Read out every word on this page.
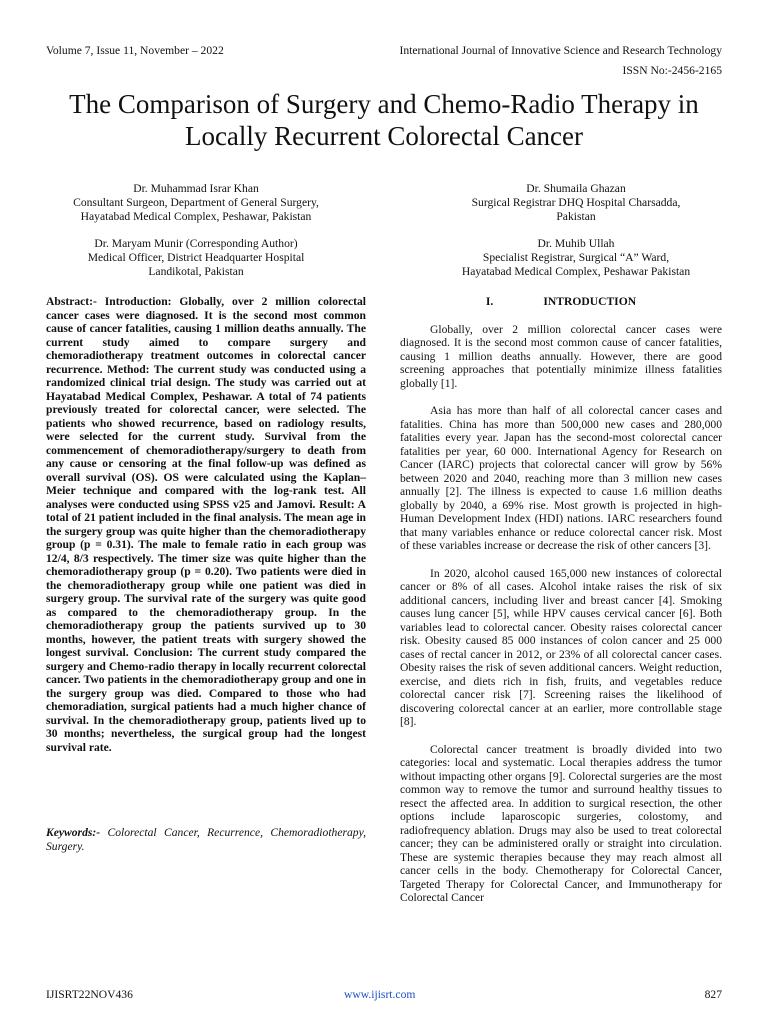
Volume 7, Issue 11, November – 2022	International Journal of Innovative Science and Research Technology
ISSN No:-2456-2165
The Comparison of Surgery and Chemo-Radio Therapy in Locally Recurrent Colorectal Cancer
Dr. Muhammad Israr Khan
Consultant Surgeon, Department of General Surgery,
Hayatabad Medical Complex, Peshawar, Pakistan
Dr. Shumaila Ghazan
Surgical Registrar DHQ Hospital Charsadda,
Pakistan
Dr. Maryam Munir (Corresponding Author)
Medical Officer, District Headquarter Hospital
Landikotal, Pakistan
Dr. Muhib Ullah
Specialist Registrar, Surgical “A” Ward,
Hayatabad Medical Complex, Peshawar Pakistan
Abstract:- Introduction: Globally, over 2 million colorectal cancer cases were diagnosed. It is the second most common cause of cancer fatalities, causing 1 million deaths annually. The current study aimed to compare surgery and chemoradiotherapy treatment outcomes in colorectal cancer recurrence. Method: The current study was conducted using a randomized clinical trial design. The study was carried out at Hayatabad Medical Complex, Peshawar. A total of 74 patients previously treated for colorectal cancer, were selected. The patients who showed recurrence, based on radiology results, were selected for the current study. Survival from the commencement of chemoradiotherapy/surgery to death from any cause or censoring at the final follow-up was defined as overall survival (OS). OS were calculated using the Kaplan–Meier technique and compared with the log-rank test. All analyses were conducted using SPSS v25 and Jamovi. Result: A total of 21 patient included in the final analysis. The mean age in the surgery group was quite higher than the chemoradiotherapy group (p = 0.31). The male to female ratio in each group was 12/4, 8/3 respectively. The timer size was quite higher than the chemoradiotherapy group (p = 0.20). Two patients were died in the chemoradiotherapy group while one patient was died in surgery group. The survival rate of the surgery was quite good as compared to the chemoradiotherapy group. In the chemoradiotherapy group the patients survived up to 30 months, however, the patient treats with surgery showed the longest survival. Conclusion: The current study compared the surgery and Chemo-radio therapy in locally recurrent colorectal cancer. Two patients in the chemoradiotherapy group and one in the surgery group was died. Compared to those who had chemoradiation, surgical patients had a much higher chance of survival. In the chemoradiotherapy group, patients lived up to 30 months; nevertheless, the surgical group had the longest survival rate.
Keywords:- Colorectal Cancer, Recurrence, Chemoradiotherapy, Surgery.
I.	INTRODUCTION

Globally, over 2 million colorectal cancer cases were diagnosed. It is the second most common cause of cancer fatalities, causing 1 million deaths annually. However, there are good screening approaches that potentially minimize illness fatalities globally [1].

Asia has more than half of all colorectal cancer cases and fatalities. China has more than 500,000 new cases and 280,000 fatalities every year. Japan has the second-most colorectal cancer fatalities per year, 60 000. International Agency for Research on Cancer (IARC) projects that colorectal cancer will grow by 56% between 2020 and 2040, reaching more than 3 million new cases annually [2]. The illness is expected to cause 1.6 million deaths globally by 2040, a 69% rise. Most growth is projected in high-Human Development Index (HDI) nations. IARC researchers found that many variables enhance or reduce colorectal cancer risk. Most of these variables increase or decrease the risk of other cancers [3].

In 2020, alcohol caused 165,000 new instances of colorectal cancer or 8% of all cases. Alcohol intake raises the risk of six additional cancers, including liver and breast cancer [4]. Smoking causes lung cancer [5], while HPV causes cervical cancer [6]. Both variables lead to colorectal cancer. Obesity raises colorectal cancer risk. Obesity caused 85 000 instances of colon cancer and 25 000 cases of rectal cancer in 2012, or 23% of all colorectal cancer cases. Obesity raises the risk of seven additional cancers. Weight reduction, exercise, and diets rich in fish, fruits, and vegetables reduce colorectal cancer risk [7]. Screening raises the likelihood of discovering colorectal cancer at an earlier, more controllable stage [8].

Colorectal cancer treatment is broadly divided into two categories: local and systematic. Local therapies address the tumor without impacting other organs [9]. Colorectal surgeries are the most common way to remove the tumor and surround healthy tissues to resect the affected area. In addition to surgical resection, the other options include laparoscopic surgeries, colostomy, and radiofrequency ablation. Drugs may also be used to treat colorectal cancer; they can be administered orally or straight into circulation. These are systemic therapies because they may reach almost all cancer cells in the body. Chemotherapy for Colorectal Cancer, Targeted Therapy for Colorectal Cancer, and Immunotherapy for Colorectal Cancer

IJISRT22NOV436	www.ijisrt.com	827
